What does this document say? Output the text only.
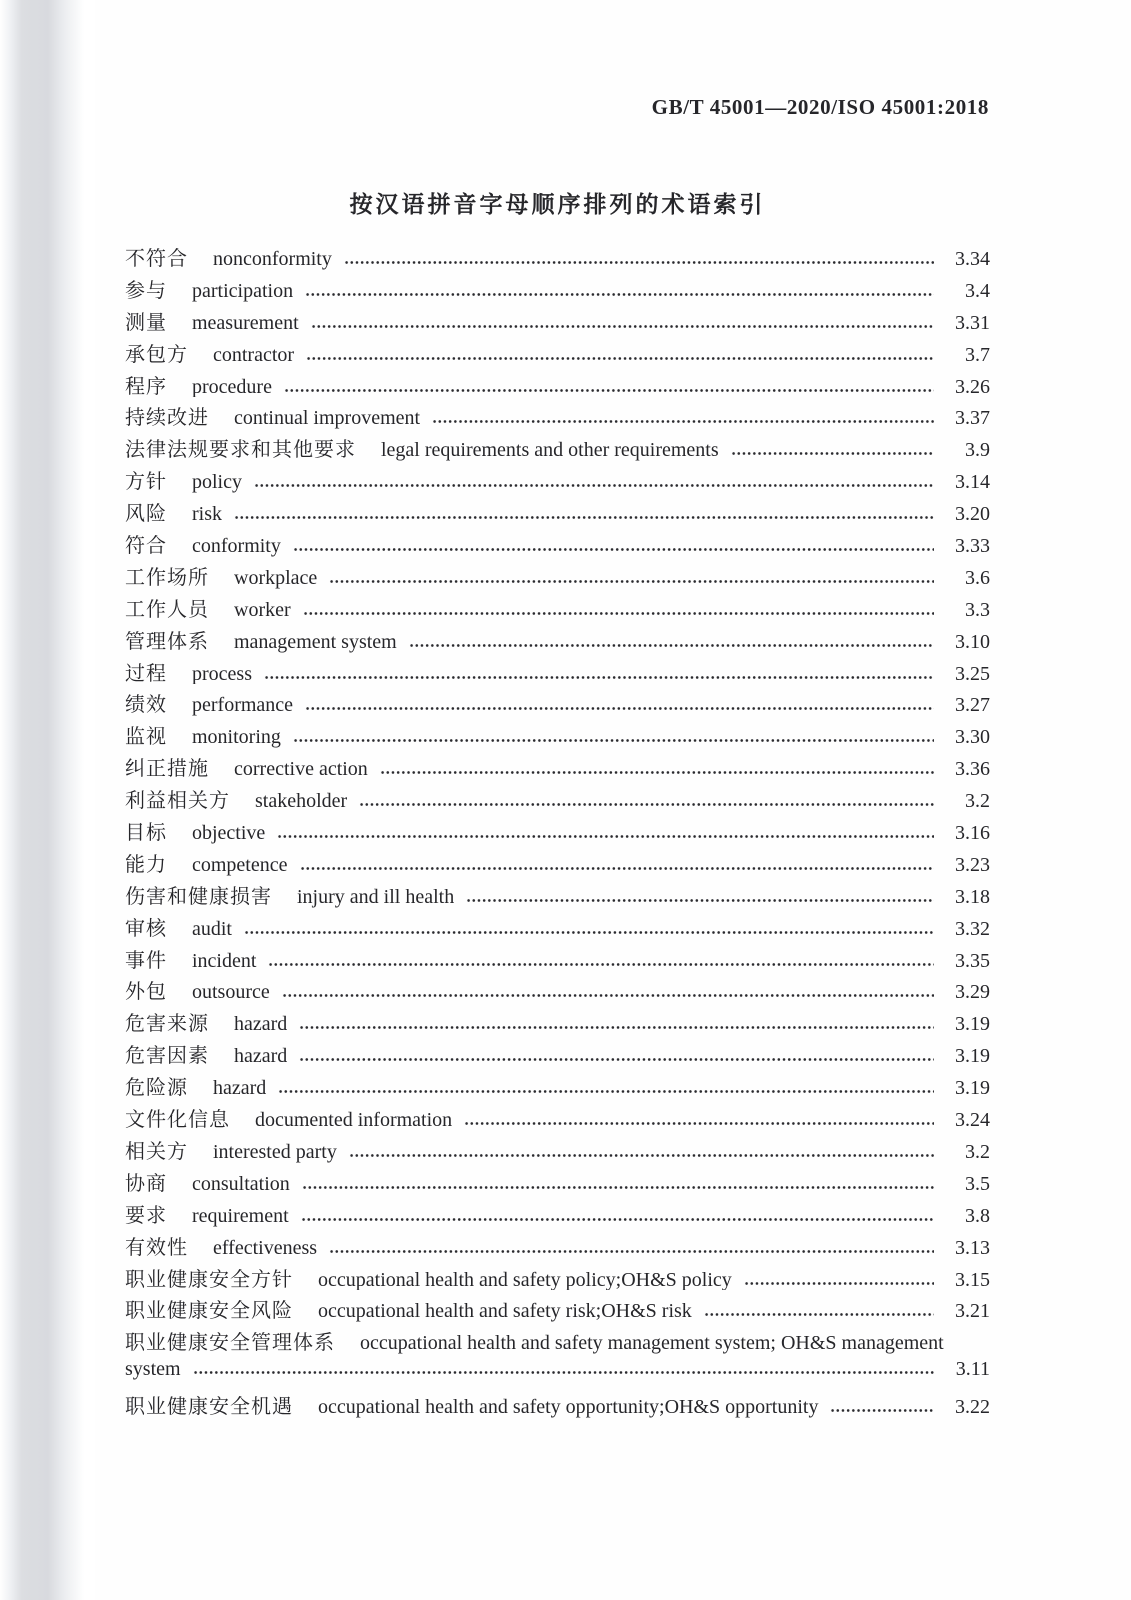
GB/T 45001—2020/ISO 45001:2018
按汉语拼音字母顺序排列的术语索引
不符合 nonconformity	3.34
参与 participation	3.4
测量 measurement	3.31
承包方 contractor	3.7
程序 procedure	3.26
持续改进 continual improvement	3.37
法律法规要求和其他要求 legal requirements and other requirements	3.9
方针 policy	3.14
风险 risk	3.20
符合 conformity	3.33
工作场所 workplace	3.6
工作人员 worker	3.3
管理体系 management system	3.10
过程 process	3.25
绩效 performance	3.27
监视 monitoring	3.30
纠正措施 corrective action	3.36
利益相关方 stakeholder	3.2
目标 objective	3.16
能力 competence	3.23
伤害和健康损害 injury and ill health	3.18
审核 audit	3.32
事件 incident	3.35
外包 outsource	3.29
危害来源 hazard	3.19
危害因素 hazard	3.19
危险源 hazard	3.19
文件化信息 documented information	3.24
相关方 interested party	3.2
协商 consultation	3.5
要求 requirement	3.8
有效性 effectiveness	3.13
职业健康安全方针 occupational health and safety policy;OH&S policy	3.15
职业健康安全风险 occupational health and safety risk;OH&S risk	3.21
职业健康安全管理体系 occupational health and safety management system; OH&S management
system	3.11
职业健康安全机遇 occupational health and safety opportunity;OH&S opportunity	3.22
